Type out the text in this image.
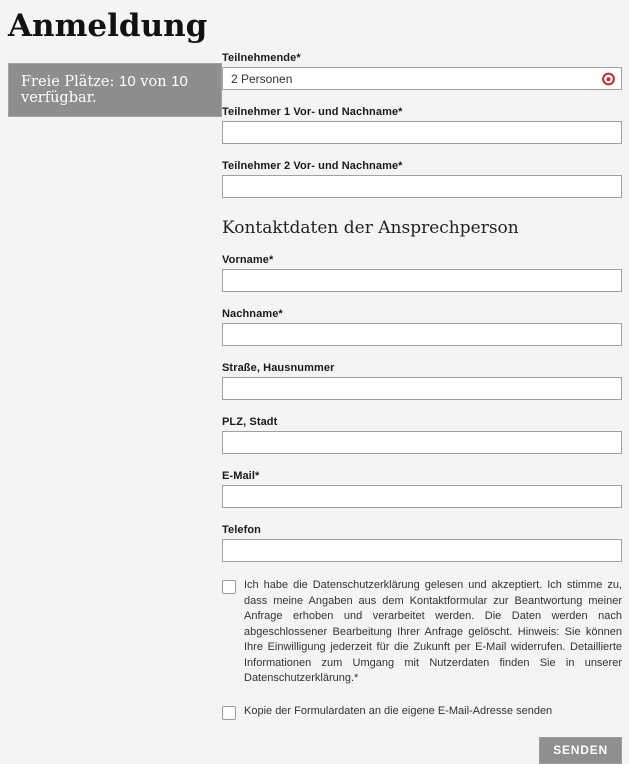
Anmeldung
Freie Plätze: 10 von 10 verfügbar.
Teilnehmende*
2 Personen
Teilnehmer 1 Vor- und Nachname*
Teilnehmer 2 Vor- und Nachname*
Kontaktdaten der Ansprechperson
Vorname*
Nachname*
Straße, Hausnummer
PLZ, Stadt
E-Mail*
Telefon
Ich habe die Datenschutzerklärung gelesen und akzeptiert. Ich stimme zu, dass meine Angaben aus dem Kontaktformular zur Beantwortung meiner Anfrage erhoben und verarbeitet werden. Die Daten werden nach abgeschlossener Bearbeitung Ihrer Anfrage gelöscht. Hinweis: Sie können Ihre Einwilligung jederzeit für die Zukunft per E-Mail widerrufen. Detaillierte Informationen zum Umgang mit Nutzerdaten finden Sie in unserer Datenschutzerklärung.*
Kopie der Formulardaten an die eigene E-Mail-Adresse senden
SENDEN
